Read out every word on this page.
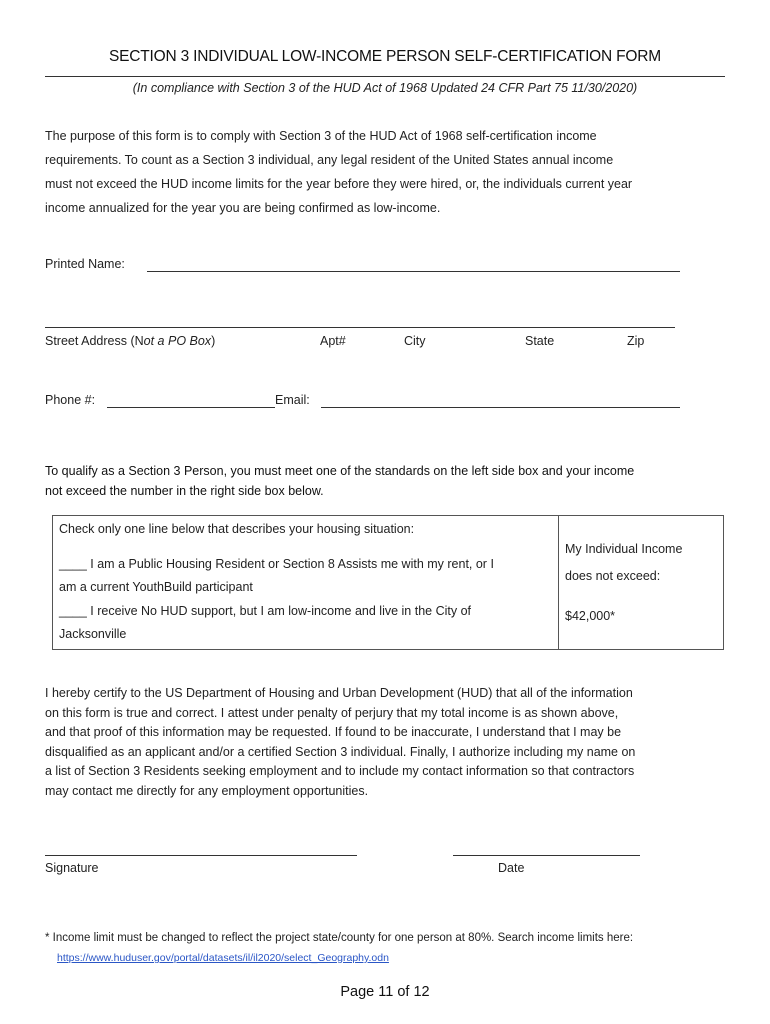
SECTION 3 INDIVIDUAL LOW-INCOME PERSON SELF-CERTIFICATION FORM
(In compliance with Section 3 of the HUD Act of 1968 Updated 24 CFR Part 75 11/30/2020)
The purpose of this form is to comply with Section 3 of the HUD Act of 1968 self-certification income
requirements. To count as a Section 3 individual, any legal resident of the United States annual income
must not exceed the HUD income limits for the year before they were hired, or, the individuals current year
income annualized for the year you are being confirmed as low-income.
Printed Name:
Street Address (Not a PO Box)	Apt#	City	State	Zip
Phone #:	Email:
To qualify as a Section 3 Person, you must meet one of the standards on the left side box and your income
not exceed the number in the right side box below.
Check only one line below that describes your housing situation:
____ I am a Public Housing Resident or Section 8 Assists me with my rent, or I
am a current YouthBuild participant
____ I receive No HUD support, but I am low-income and live in the City of
Jacksonville
My Individual Income
does not exceed:
$42,000*
I hereby certify to the US Department of Housing and Urban Development (HUD) that all of the information
on this form is true and correct. I attest under penalty of perjury that my total income is as shown above,
and that proof of this information may be requested. If found to be inaccurate, I understand that I may be
disqualified as an applicant and/or a certified Section 3 individual. Finally, I authorize including my name on
a list of Section 3 Residents seeking employment and to include my contact information so that contractors
may contact me directly for any employment opportunities.
Signature	Date
* Income limit must be changed to reflect the project state/county for one person at 80%. Search income limits here:
https://www.huduser.gov/portal/datasets/il/il2020/select_Geography.odn
Page 11 of 12
